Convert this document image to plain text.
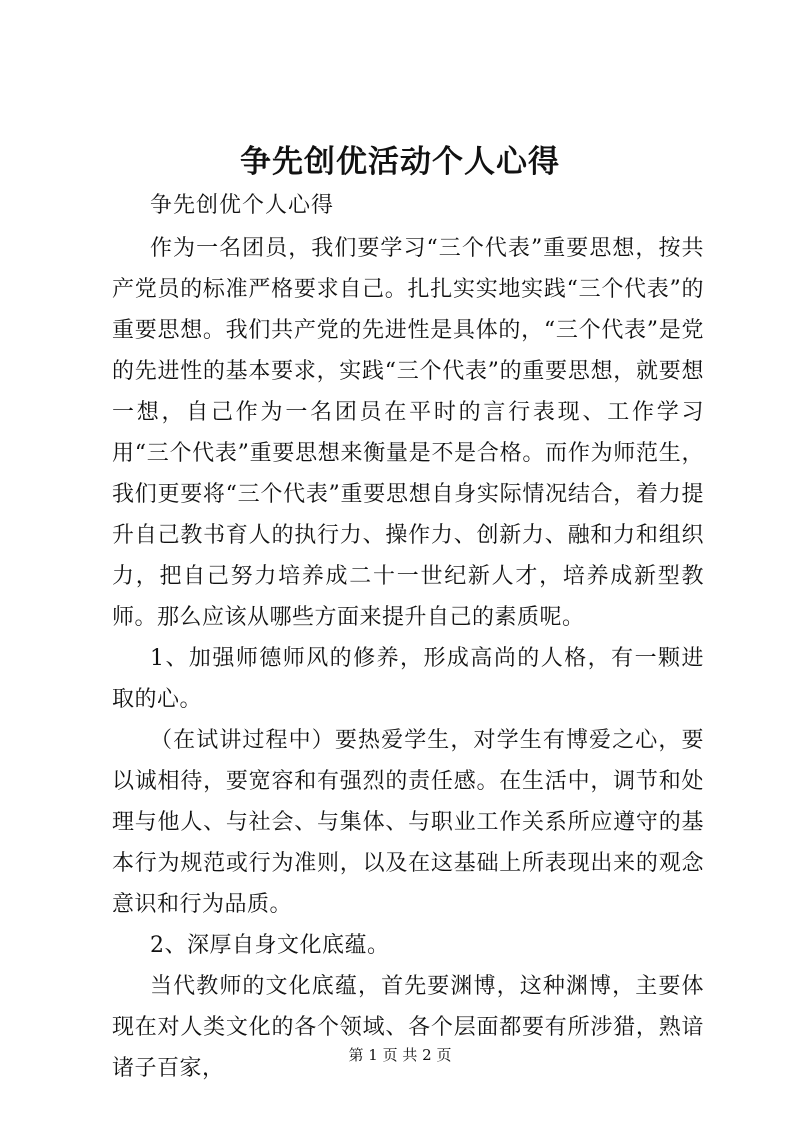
争先创优活动个人心得
争先创优个人心得

作为一名团员，我们要学习“三个代表”重要思想，按共产党员的标准严格要求自己。扎扎实实地实践“三个代表”的重要思想。我们共产党的先进性是具体的，“三个代表”是党的先进性的基本要求，实践“三个代表”的重要思想，就要想一想，自己作为一名团员在平时的言行表现、工作学习用“三个代表”重要思想来衡量是不是合格。而作为师范生，我们更要将“三个代表”重要思想自身实际情况结合，着力提升自己教书育人的执行力、操作力、创新力、融和力和组织力，把自己努力培养成二十一世纪新人才，培养成新型教师。那么应该从哪些方面来提升自己的素质呢。

1、加强师德师风的修养，形成高尚的人格，有一颗进取的心。

（在试讲过程中）要热爱学生，对学生有博爱之心，要以诚相待，要宽容和有强烈的责任感。在生活中，调节和处理与他人、与社会、与集体、与职业工作关系所应遵守的基本行为规范或行为准则，以及在这基础上所表现出来的观念意识和行为品质。

2、深厚自身文化底蕴。

当代教师的文化底蕴，首先要渊博，这种渊博，主要体现在对人类文化的各个领域、各个层面都要有所涉猎，熟谙诸子百家，

第 1 页 共 2 页
